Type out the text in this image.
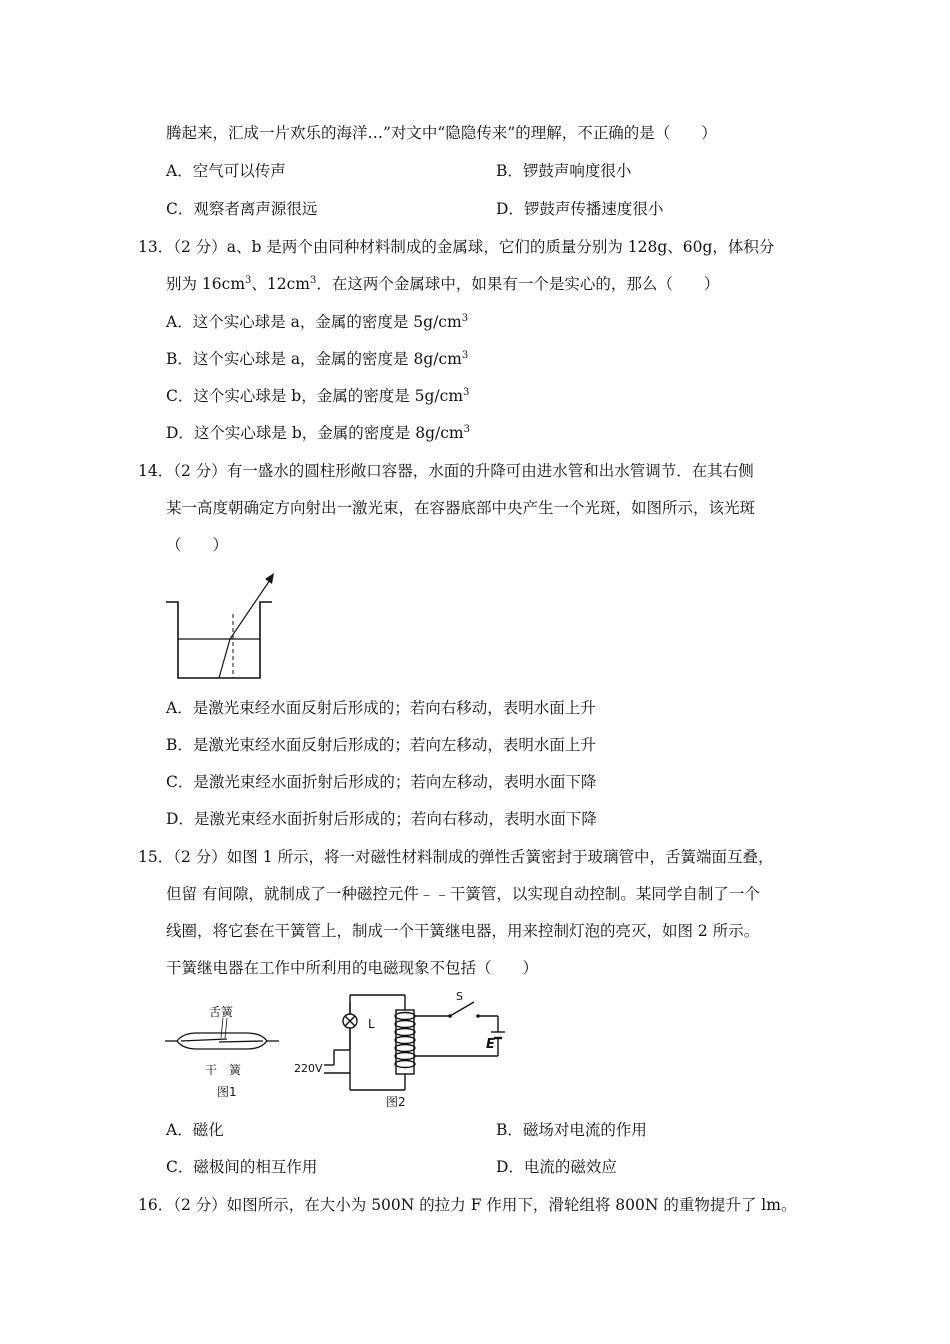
腾起来，汇成一片欢乐的海洋…”对文中“隐隐传来”的理解，不正确的是（　　）
A．空气可以传声	B．锣鼓声响度很小
C．观察者离声源很远	D．锣鼓声传播速度很小
13．（2 分）a、b 是两个由同种材料制成的金属球，它们的质量分别为 128g、60g，体积分
别为 $16cm^3$、$12cm^3$．在这两个金属球中，如果有一个是实心的，那么（　　）
A．这个实心球是 a，金属的密度是 $5g/cm^3$
B．这个实心球是 a，金属的密度是 $8g/cm^3$
C．这个实心球是 b，金属的密度是 $5g/cm^3$
D．这个实心球是 b，金属的密度是 $8g/cm^3$
14．（2 分）有一盛水的圆柱形敞口容器，水面的升降可由进水管和出水管调节．在其右侧
某一高度朝确定方向射出一激光束，在容器底部中央产生一个光斑，如图所示，该光斑
（　　）
A．是激光束经水面反射后形成的；若向右移动，表明水面上升
B．是激光束经水面反射后形成的；若向左移动，表明水面上升
C．是激光束经水面折射后形成的；若向左移动，表明水面下降
D．是激光束经水面折射后形成的；若向右移动，表明水面下降
15．（2 分）如图 1 所示，将一对磁性材料制成的弹性舌簧密封于玻璃管中，舌簧端面互叠，
但留 有间隙，就制成了一种磁控元件﹣﹣干簧管，以实现自动控制。某同学自制了一个
线圈，将它套在干簧管上，制成一个干簧继电器，用来控制灯泡的亮灭，如图 2 所示。
干簧继电器在工作中所利用的电磁现象不包括（　　）
舌簧
干　簧
图1
L
S
E
220V
图2
A．磁化	B．磁场对电流的作用
C．磁极间的相互作用	D．电流的磁效应
16．（2 分）如图所示，在大小为 500N 的拉力 F 作用下，滑轮组将 800N 的重物提升了 lm。
